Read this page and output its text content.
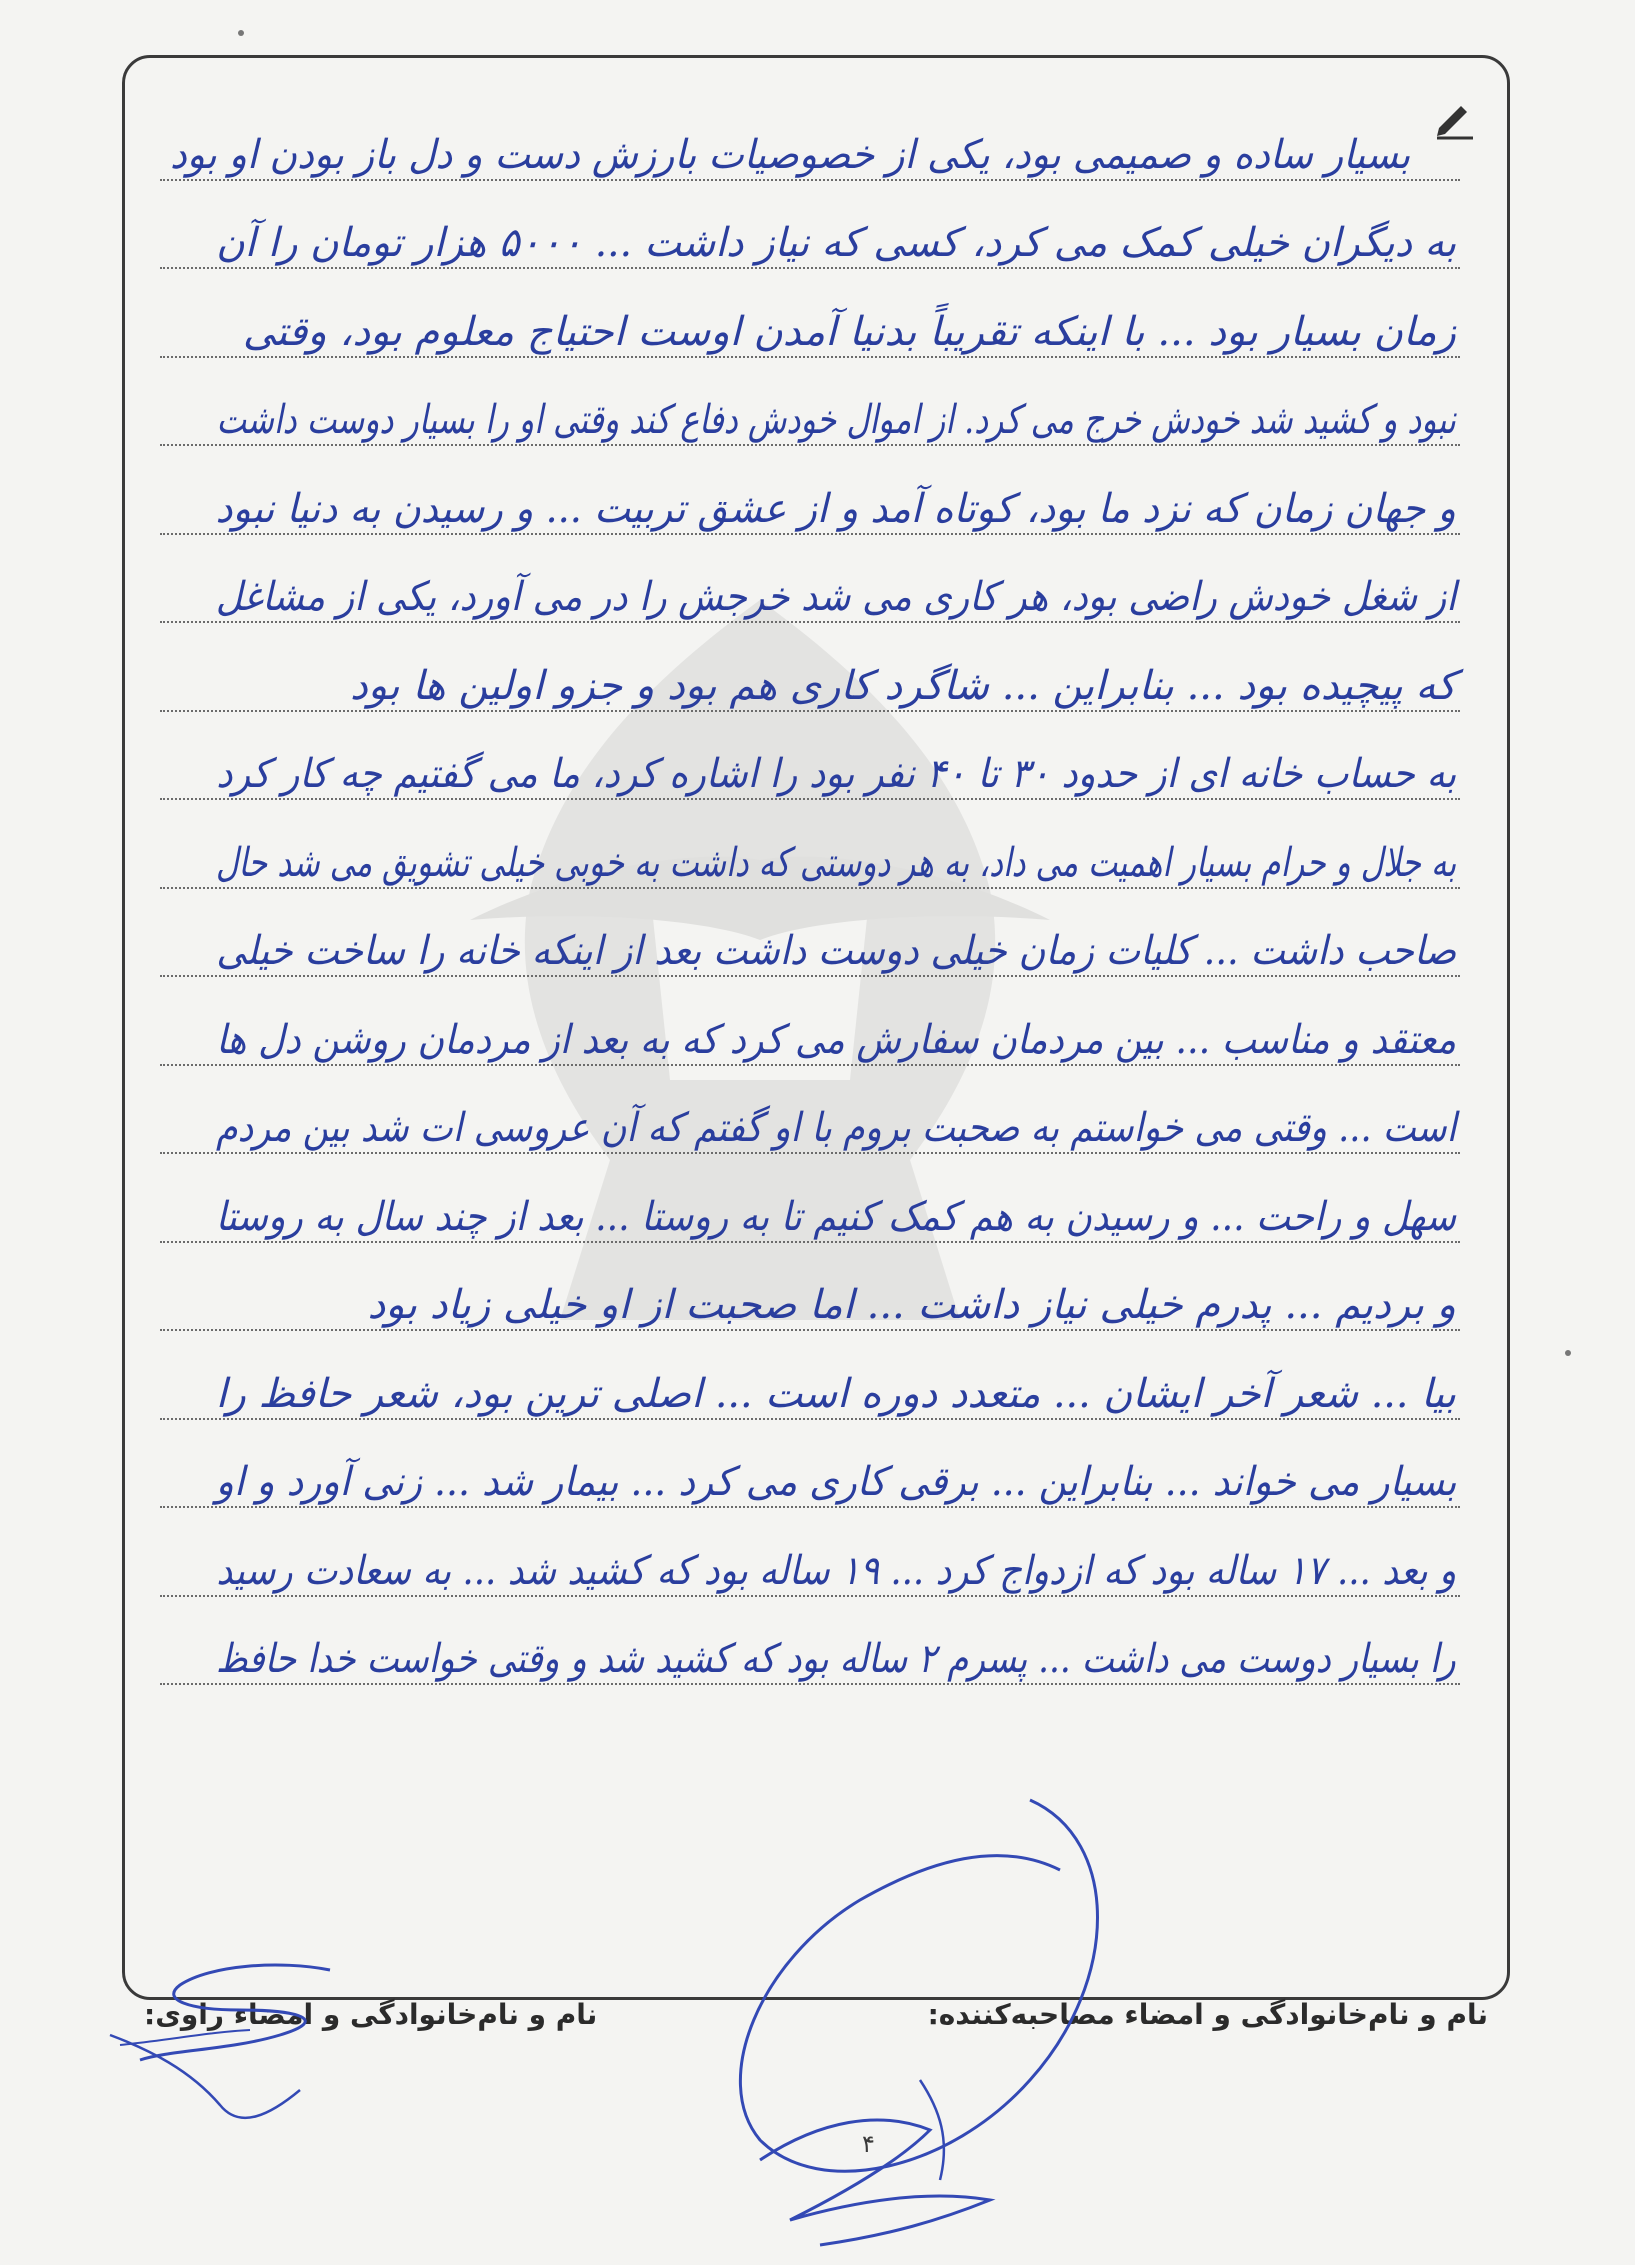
بسیار ساده و صمیمی بود، یکی از خصوصیات بارزش دست و دل باز بودن او بود
به دیگران خیلی کمک می کرد، کسی که نیاز داشت ... ۵۰۰۰ هزار تومان را آن
زمان بسیار بود ... با اینکه تقریباً بدنیا آمدن اوست احتیاج معلوم بود، وقتی
نبود و کشید شد خودش خرج می کرد. از اموال خودش دفاع کند وقتی او را بسیار دوست داشت
و جهان زمان که نزد ما بود، کوتاه آمد و از عشق تربیت ... و رسیدن به دنیا نبود
از شغل خودش راضی بود، هر کاری می شد خرجش را در می آورد، یکی از مشاغل
که پیچیده بود ... بنابراین ... شاگرد کاری هم بود و جزو اولین ها بود
به حساب خانه ای از حدود ۳۰ تا ۴۰ نفر بود را اشاره کرد، ما می گفتیم چه کار کرد
به جلال و حرام بسیار اهمیت می داد، به هر دوستی که داشت به خوبی خیلی تشویق می شد حال
صاحب داشت ... کلیات زمان خیلی دوست داشت بعد از اینکه خانه را ساخت خیلی
معتقد و مناسب ... بین مردمان سفارش می کرد که به بعد از مردمان روشن دل ها
است ... وقتی می خواستم به صحبت بروم با او گفتم که آن عروسی ات شد بین مردم
سهل و راحت ... و رسیدن به هم کمک کنیم تا به روستا ... بعد از چند سال به روستا
و بردیم ... پدرم خیلی نیاز داشت ... اما صحبت از او خیلی زیاد بود
بیا ... شعر آخر ایشان ... متعدد دوره است ... اصلی ترین بود، شعر حافظ را
بسیار می خواند ... بنابراین ... برقی کاری می کرد ... بیمار شد ... زنی آورد و او
و بعد ... ۱۷ ساله بود که ازدواج کرد ... ۱۹ ساله بود که کشید شد ... به سعادت رسید
را بسیار دوست می داشت ... پسرم ۲ ساله بود که کشید شد و وقتی خواست خدا حافظ
نام و نام‌خانوادگی و امضاء مصاحبه‌کننده:
نام و نام‌خانوادگی و امضاء راوی:
۴
